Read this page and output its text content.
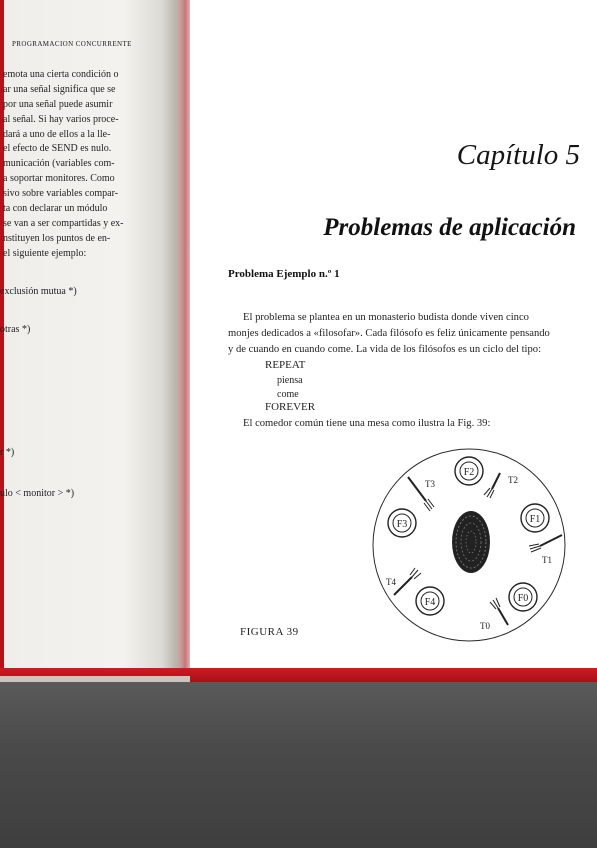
PROGRAMACION CONCURRENTE
emota una cierta condición o
ar una señal significa que se
por una señal puede asumir
al señal. Si hay varios proce-
dará a uno de ellos a la lle-
el efecto de SEND es nulo.
municación (variables com-
a soportar monitores. Como
sivo sobre variables compar-
ta con declarar un módulo
se van a ser compartidas y ex-
nstituyen los puntos de en-
el siguiente ejemplo:
exclusión mutua *)
otras *)
r *)
ulo < monitor > *)
Capítulo 5
Problemas de aplicación
Problema Ejemplo n.º 1
El problema se plantea en un monasterio budista donde viven cinco
monjes dedicados a «filosofar». Cada filósofo es feliz únicamente pensando
y de cuando en cuando come. La vida de los filósofos es un ciclo del tipo:
REPEAT
piensa
come
FOREVER
El comedor común tiene una mesa como ilustra la Fig. 39:
F2
F1
F0
F4
F3
T3	T2
T1
T0
T4
FIGURA 39
